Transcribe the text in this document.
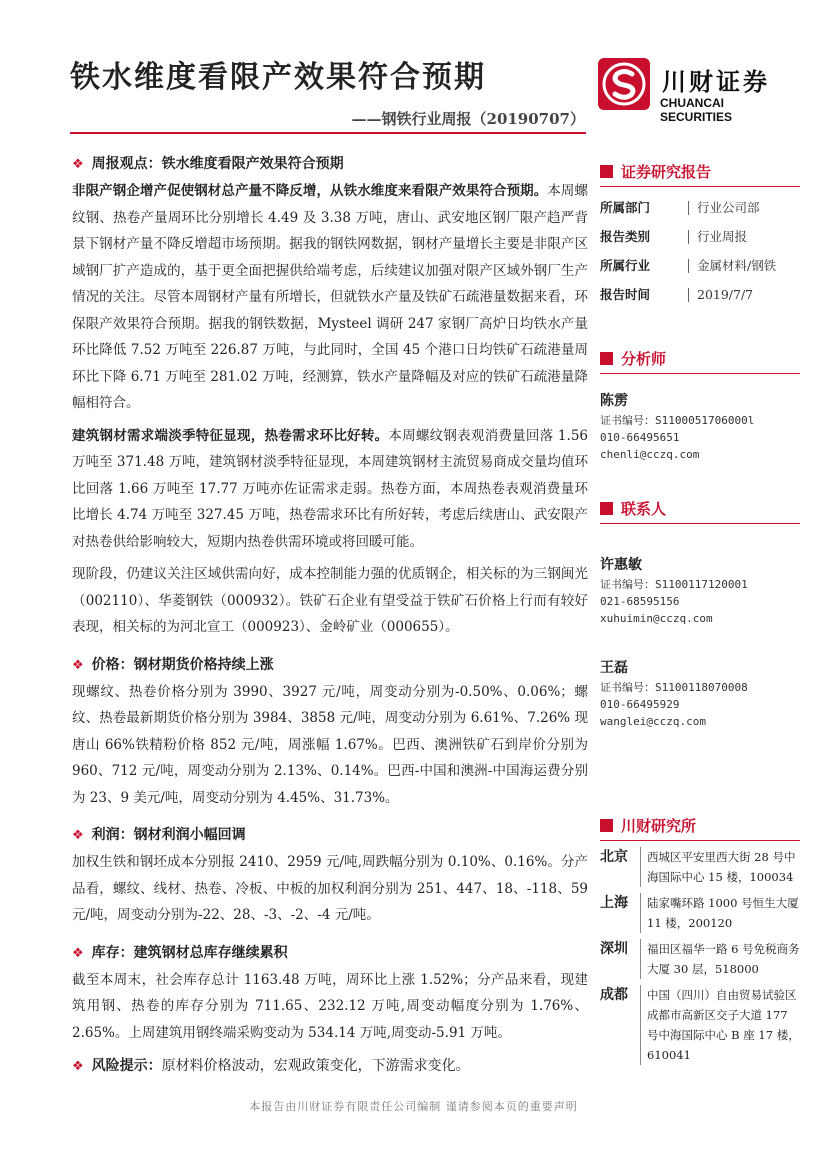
铁水维度看限产效果符合预期
——钢铁行业周报（20190707）
川财证券
CHUANCAI SECURITIES
❖ 周报观点：铁水维度看限产效果符合预期
非限产钢企增产促使钢材总产量不降反增，从铁水维度来看限产效果符合预期。本周螺纹钢、热卷产量周环比分别增长 4.49 及 3.38 万吨，唐山、武安地区钢厂限产趋严背景下钢材产量不降反增超市场预期。据我的钢铁网数据，钢材产量增长主要是非限产区域钢厂扩产造成的，基于更全面把握供给端考虑，后续建议加强对限产区域外钢厂生产情况的关注。尽管本周钢材产量有所增长，但就铁水产量及铁矿石疏港量数据来看，环保限产效果符合预期。据我的钢铁数据，Mysteel 调研 247 家钢厂高炉日均铁水产量环比降低 7.52 万吨至 226.87 万吨，与此同时，全国 45 个港口日均铁矿石疏港量周环比下降 6.71 万吨至 281.02 万吨，经测算，铁水产量降幅及对应的铁矿石疏港量降幅相符合。
建筑钢材需求端淡季特征显现，热卷需求环比好转。本周螺纹钢表观消费量回落 1.56 万吨至 371.48 万吨，建筑钢材淡季特征显现，本周建筑钢材主流贸易商成交量均值环比回落 1.66 万吨至 17.77 万吨亦佐证需求走弱。热卷方面，本周热卷表观消费量环比增长 4.74 万吨至 327.45 万吨，热卷需求环比有所好转，考虑后续唐山、武安限产对热卷供给影响较大，短期内热卷供需环境或将回暖可能。
现阶段，仍建议关注区域供需向好，成本控制能力强的优质钢企，相关标的为三钢闽光（002110）、华菱钢铁（000932）。铁矿石企业有望受益于铁矿石价格上行而有较好表现，相关标的为河北宣工（000923）、金岭矿业（000655）。
❖ 价格：钢材期货价格持续上涨
现螺纹、热卷价格分别为 3990、3927 元/吨，周变动分别为-0.50%、0.06%；螺纹、热卷最新期货价格分别为 3984、3858 元/吨，周变动分别为 6.61%、7.26% 现唐山 66%铁精粉价格 852 元/吨，周涨幅 1.67%。巴西、澳洲铁矿石到岸价分别为 960、712 元/吨，周变动分别为 2.13%、0.14%。巴西-中国和澳洲-中国海运费分别为 23、9 美元/吨，周变动分别为 4.45%、31.73%。
❖ 利润：钢材利润小幅回调
加权生铁和钢坯成本分别报 2410、2959 元/吨,周跌幅分别为 0.10%、0.16%。分产品看，螺纹、线材、热卷、冷板、中板的加权利润分别为 251、447、18、-118、59 元/吨，周变动分别为-22、28、-3、-2、-4 元/吨。
❖ 库存：建筑钢材总库存继续累积
截至本周末，社会库存总计 1163.48 万吨，周环比上涨 1.52%；分产品来看，现建筑用钢、热卷的库存分别为 711.65、232.12 万吨,周变动幅度分别为 1.76%、2.65%。上周建筑用钢终端采购变动为 534.14 万吨,周变动-5.91 万吨。
❖ 风险提示：原材料价格波动，宏观政策变化，下游需求变化。
证券研究报告
所属部门	行业公司部
报告类别	行业周报
所属行业	金属材料/钢铁
报告时间	2019/7/7
分析师
陈雳
证书编号：S1100051706000l
010-66495651
chenli@cczq.com
联系人
许惠敏
证书编号：S1100117120001
021-68595156
xuhuimin@cczq.com
王磊
证书编号：S1100118070008
010-66495929
wanglei@cczq.com
川财研究所
北京	西城区平安里西大街 28 号中海国际中心 15 楼，100034
上海	陆家嘴环路 1000 号恒生大厦 11 楼，200120
深圳	福田区福华一路 6 号免税商务大厦 30 层，518000
成都	中国（四川）自由贸易试验区成都市高新区交子大道 177 号中海国际中心 B 座 17 楼，610041
本报告由川财证券有限责任公司编制 谨请参阅本页的重要声明
